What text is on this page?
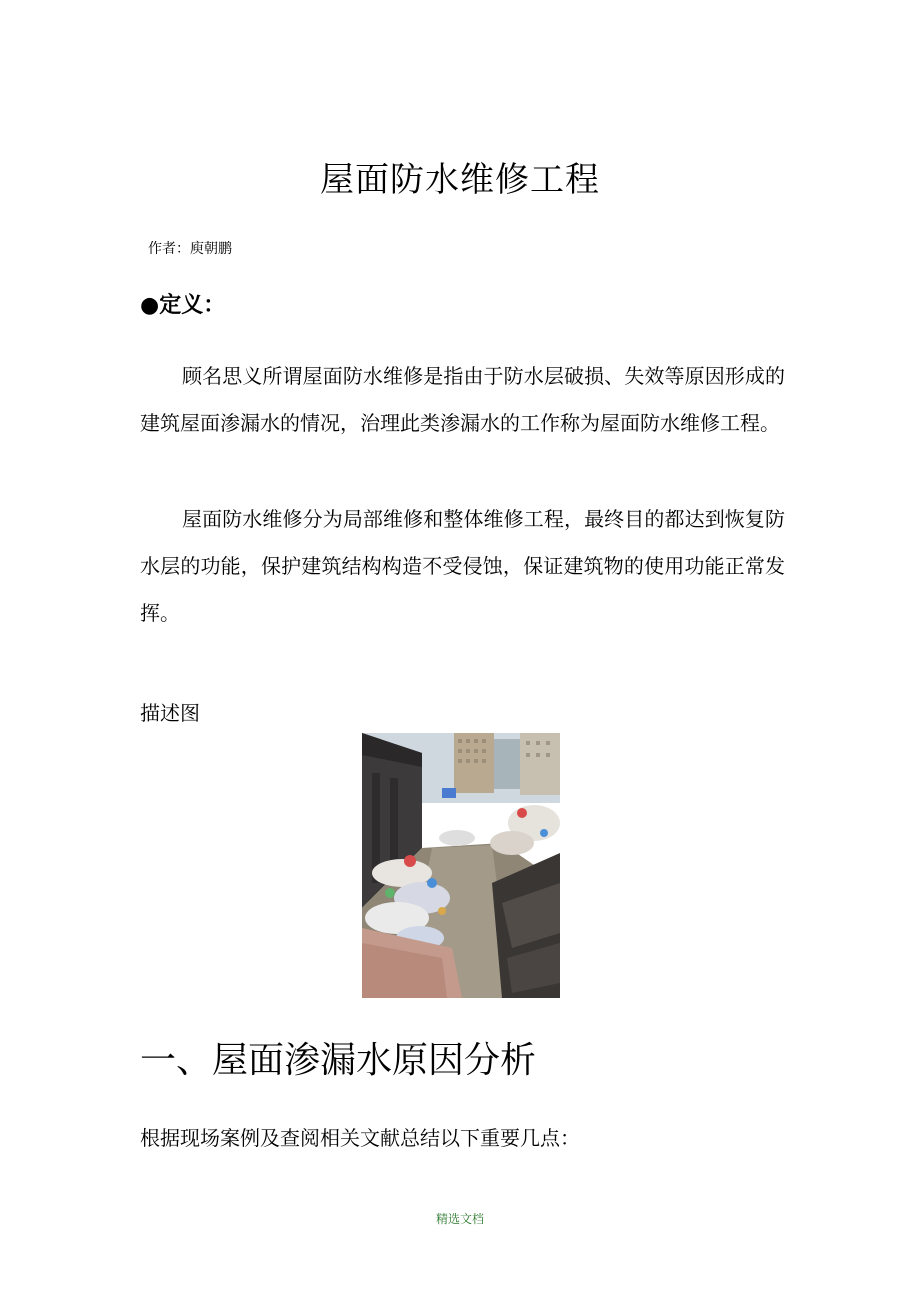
屋面防水维修工程
作者：庾朝鹏
●定义：

顾名思义所谓屋面防水维修是指由于防水层破损、失效等原因形成的建筑屋面渗漏水的情况，治理此类渗漏水的工作称为屋面防水维修工程。

屋面防水维修分为局部维修和整体维修工程，最终目的都达到恢复防水层的功能，保护建筑结构构造不受侵蚀，保证建筑物的使用功能正常发挥。

描述图
一、屋面渗漏水原因分析
根据现场案例及查阅相关文献总结以下重要几点：
精选文档
